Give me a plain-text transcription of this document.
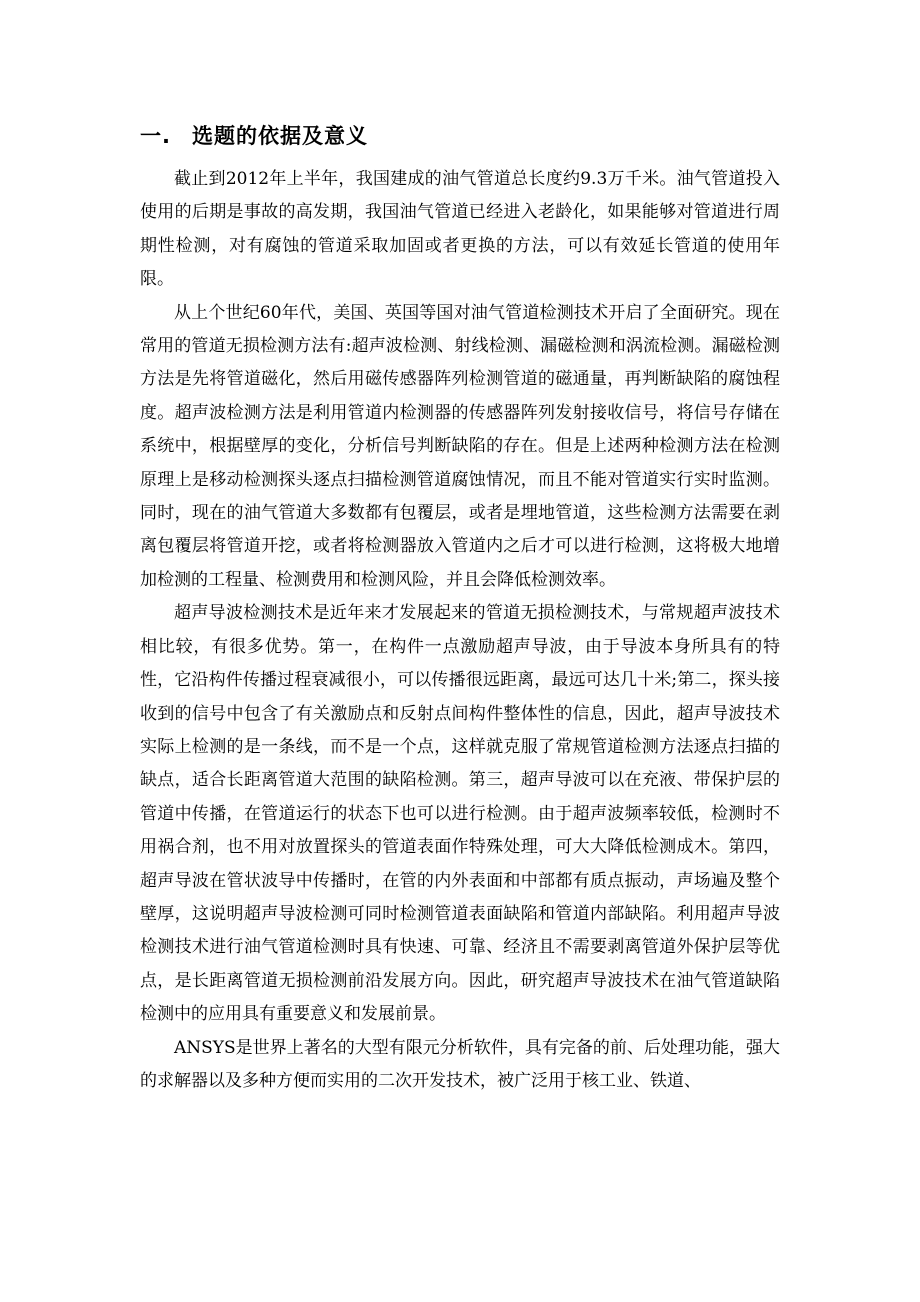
一. 选题的依据及意义

截止到2012年上半年，我国建成的油气管道总长度约9.3万千米。油气管道投入使用的后期是事故的高发期，我国油气管道已经进入老龄化，如果能够对管道进行周期性检测，对有腐蚀的管道采取加固或者更换的方法，可以有效延长管道的使用年限。

从上个世纪60年代，美国、英国等国对油气管道检测技术开启了全面研究。现在常用的管道无损检测方法有:超声波检测、射线检测、漏磁检测和涡流检测。漏磁检测方法是先将管道磁化，然后用磁传感器阵列检测管道的磁通量，再判断缺陷的腐蚀程度。超声波检测方法是利用管道内检测器的传感器阵列发射接收信号，将信号存储在系统中，根据壁厚的变化，分析信号判断缺陷的存在。但是上述两种检测方法在检测原理上是移动检测探头逐点扫描检测管道腐蚀情况，而且不能对管道实行实时监测。同时，现在的油气管道大多数都有包覆层，或者是埋地管道，这些检测方法需要在剥离包覆层将管道开挖，或者将检测器放入管道内之后才可以进行检测，这将极大地增加检测的工程量、检测费用和检测风险，并且会降低检测效率。

超声导波检测技术是近年来才发展起来的管道无损检测技术，与常规超声波技术相比较，有很多优势。第一，在构件一点激励超声导波，由于导波本身所具有的特性，它沿构件传播过程衰减很小，可以传播很远距离，最远可达几十米;第二，探头接收到的信号中包含了有关激励点和反射点间构件整体性的信息，因此，超声导波技术实际上检测的是一条线，而不是一个点，这样就克服了常规管道检测方法逐点扫描的缺点，适合长距离管道大范围的缺陷检测。第三，超声导波可以在充液、带保护层的管道中传播，在管道运行的状态下也可以进行检测。由于超声波频率较低，检测时不用祸合剂，也不用对放置探头的管道表面作特殊处理，可大大降低检测成木。第四，超声导波在管状波导中传播时，在管的内外表面和中部都有质点振动，声场遍及整个壁厚，这说明超声导波检测可同时检测管道表面缺陷和管道内部缺陷。利用超声导波检测技术进行油气管道检测时具有快速、可靠、经济且不需要剥离管道外保护层等优点，是长距离管道无损检测前沿发展方向。因此，研究超声导波技术在油气管道缺陷检测中的应用具有重要意义和发展前景。

ANSYS是世界上著名的大型有限元分析软件，具有完备的前、后处理功能，强大的求解器以及多种方便而实用的二次开发技术，被广泛用于核工业、铁道、
